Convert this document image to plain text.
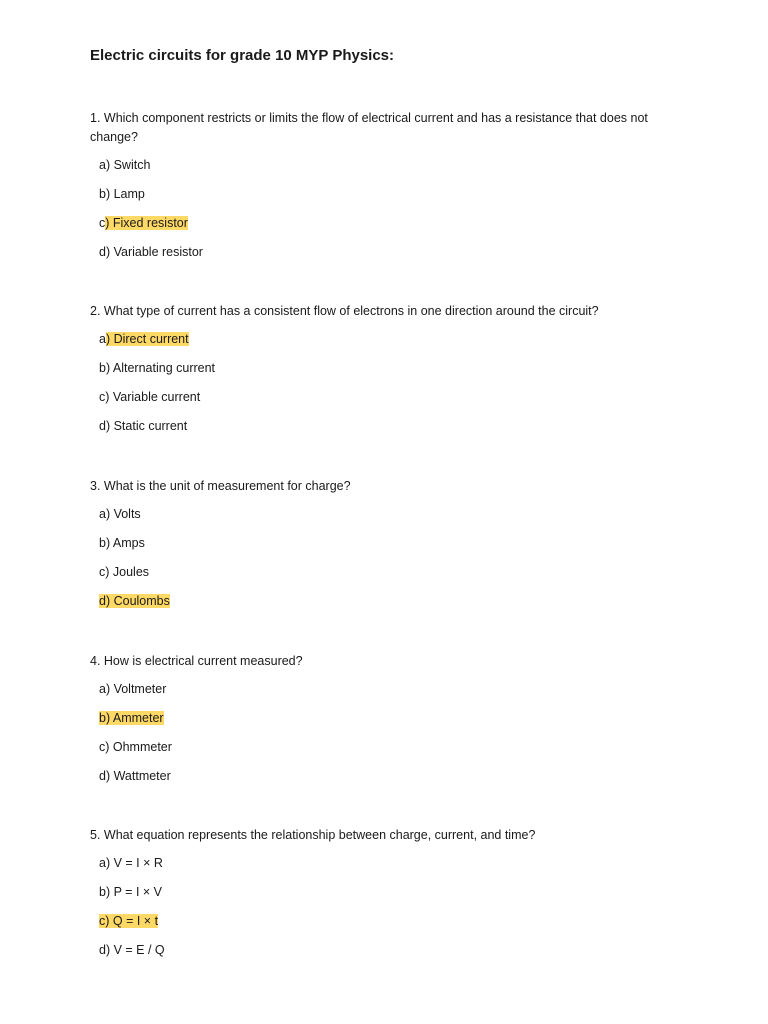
Electric circuits for grade 10 MYP Physics:
1. Which component restricts or limits the flow of electrical current and has a resistance that does not change?
a) Switch
b) Lamp
c) Fixed resistor
d) Variable resistor
2. What type of current has a consistent flow of electrons in one direction around the circuit?
a) Direct current
b) Alternating current
c) Variable current
d) Static current
3. What is the unit of measurement for charge?
a) Volts
b) Amps
c) Joules
d) Coulombs
4. How is electrical current measured?
a) Voltmeter
b) Ammeter
c) Ohmmeter
d) Wattmeter
5. What equation represents the relationship between charge, current, and time?
a) V = I × R
b) P = I × V
c) Q = I × t
d) V = E / Q
